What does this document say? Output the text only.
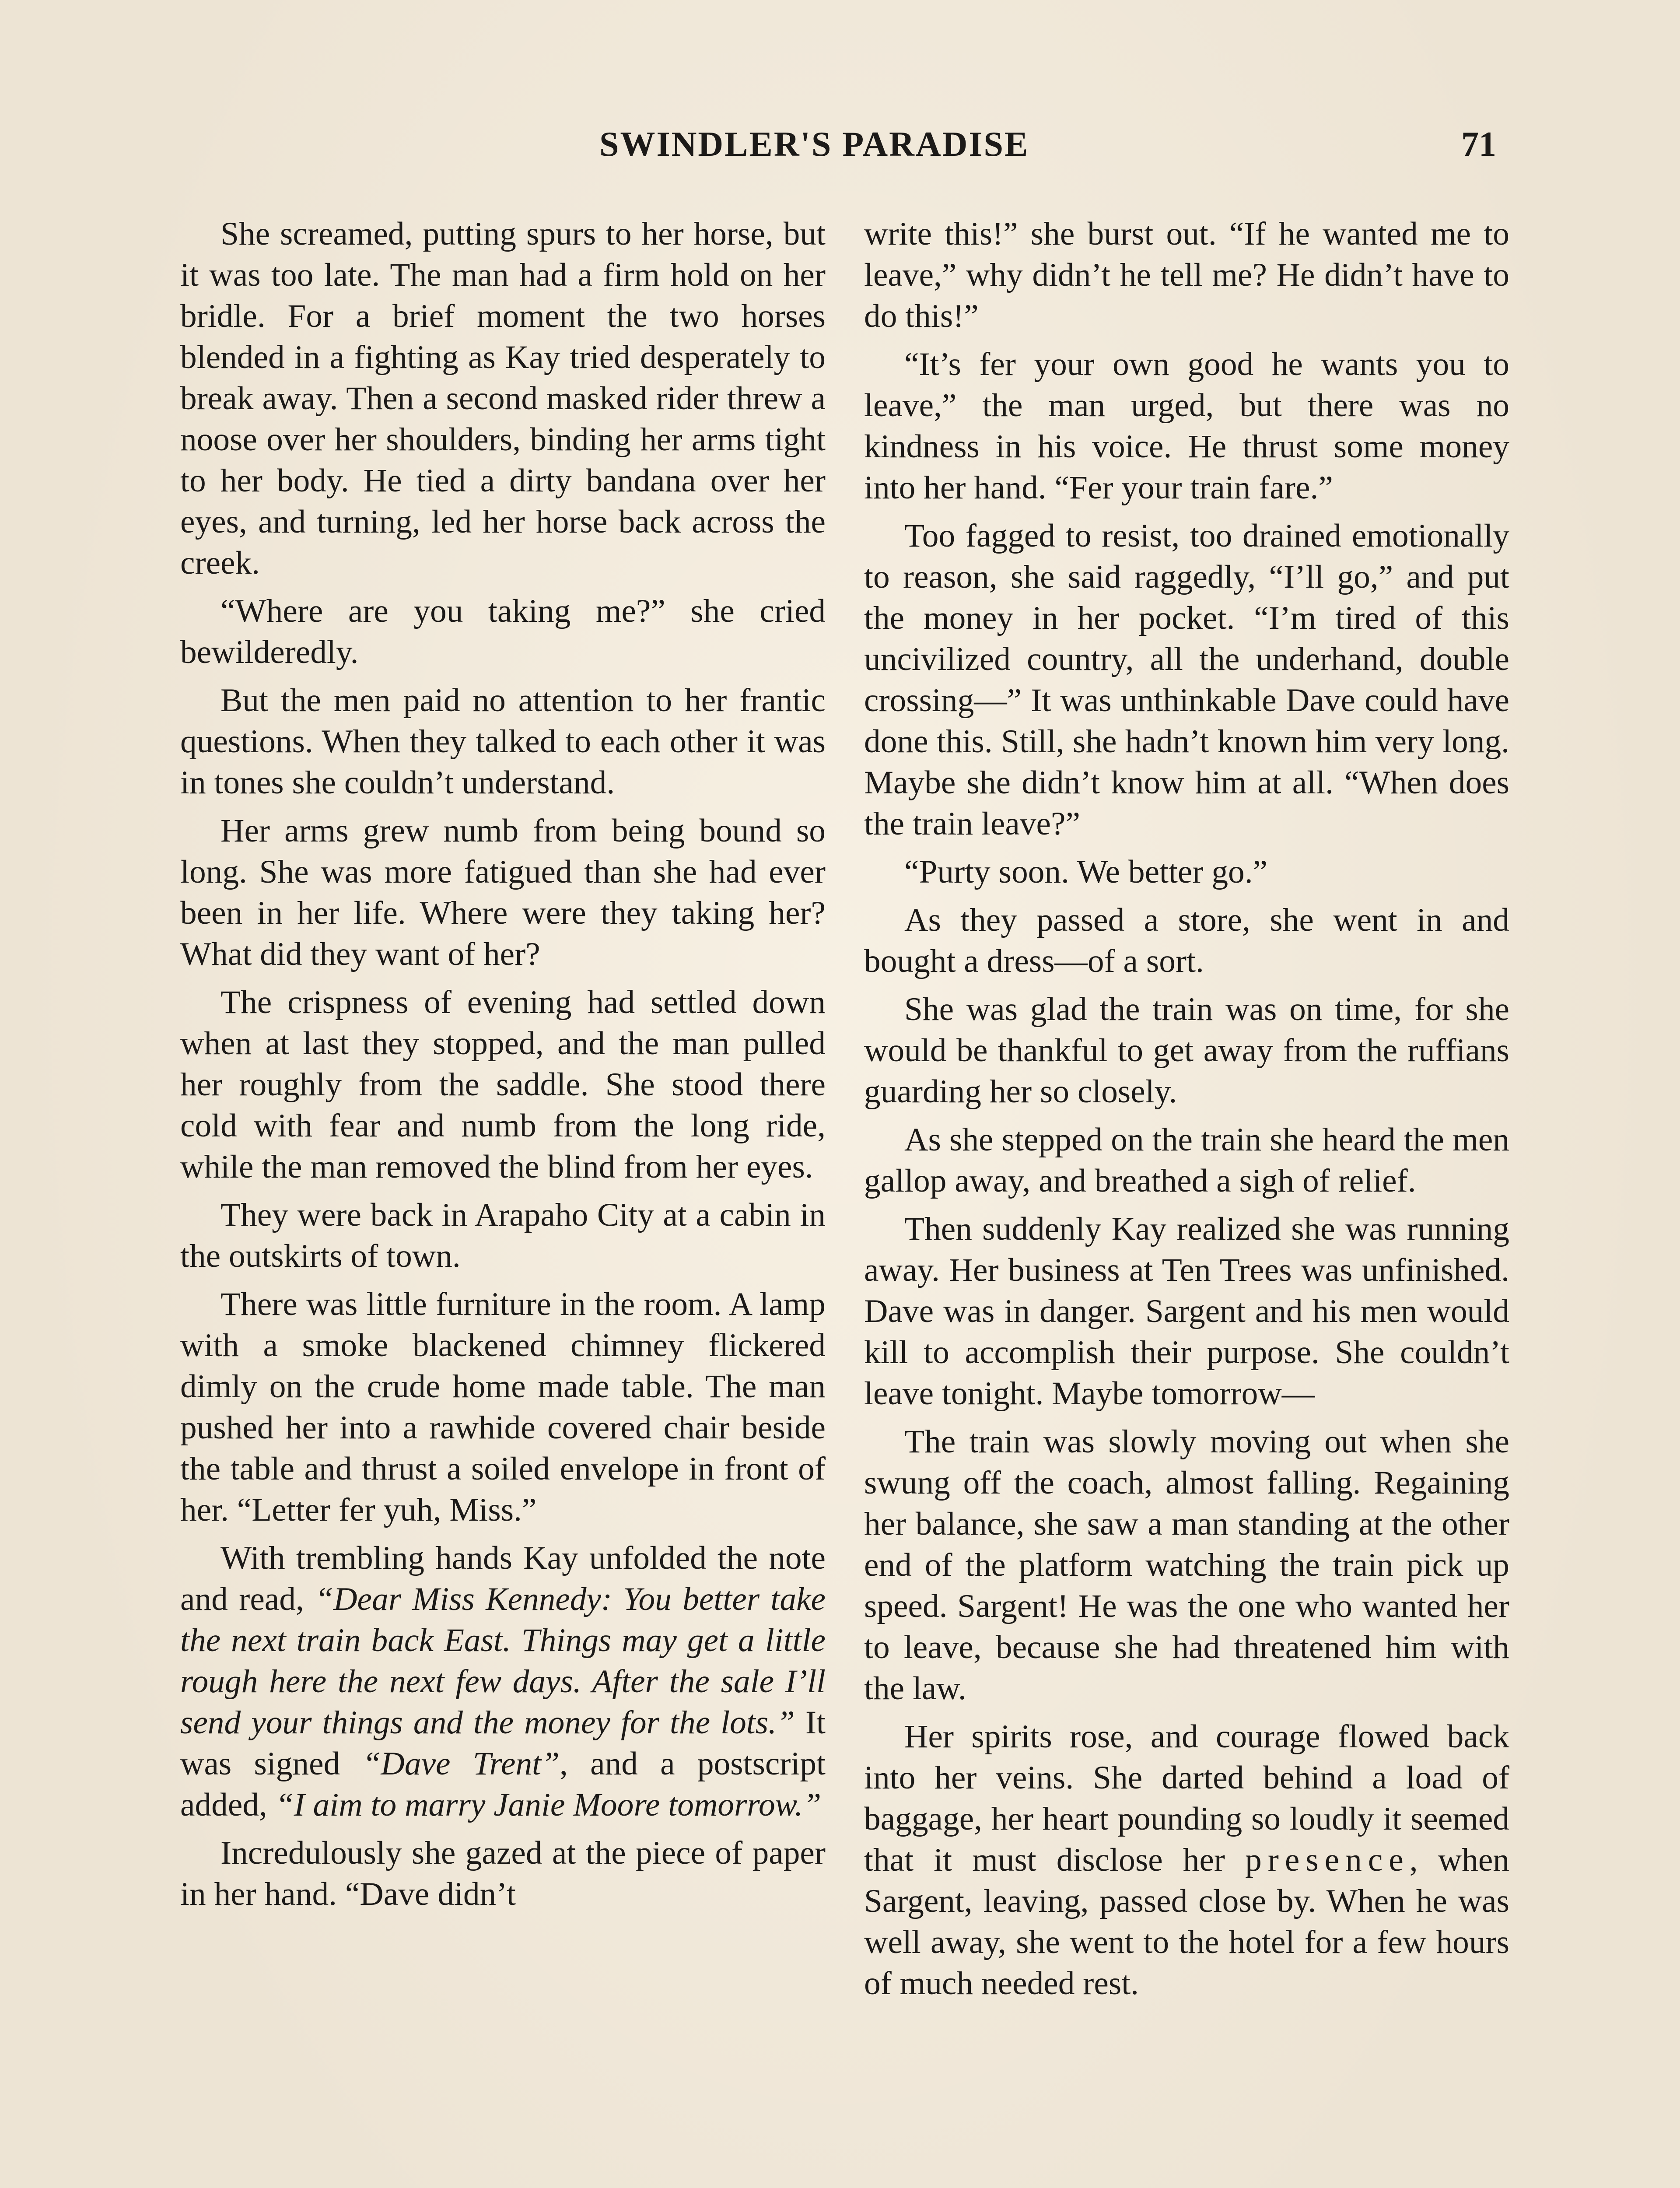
SWINDLER'S PARADISE	71

She screamed, putting spurs to her horse, but it was too late. The man had a firm hold on her bridle. For a brief moment the two horses blended in a fighting as Kay tried desperately to break away. Then a second masked rider threw a noose over her shoulders, binding her arms tight to her body. He tied a dirty bandana over her eyes, and turning, led her horse back across the creek.

“Where are you taking me?” she cried bewilderedly.

But the men paid no attention to her frantic questions. When they talked to each other it was in tones she couldn’t understand.

Her arms grew numb from being bound so long. She was more fatigued than she had ever been in her life. Where were they taking her? What did they want of her?

The crispness of evening had settled down when at last they stopped, and the man pulled her roughly from the saddle. She stood there cold with fear and numb from the long ride, while the man removed the blind from her eyes.

They were back in Arapaho City at a cabin in the outskirts of town.

There was little furniture in the room. A lamp with a smoke blackened chimney flickered dimly on the crude home made table. The man pushed her into a rawhide covered chair beside the table and thrust a soiled envelope in front of her. “Letter fer yuh, Miss.”

With trembling hands Kay unfolded the note and read, “Dear Miss Kennedy: You better take the next train back East. Things may get a little rough here the next few days. After the sale I’ll send your things and the money for the lots.” It was signed “Dave Trent”, and a postscript added, “I aim to marry Janie Moore tomorrow.”

Incredulously she gazed at the piece of paper in her hand. “Dave didn’t

write this!” she burst out. “If he wanted me to leave,” why didn’t he tell me? He didn’t have to do this!”

“It’s fer your own good he wants you to leave,” the man urged, but there was no kindness in his voice. He thrust some money into her hand. “Fer your train fare.”

Too fagged to resist, too drained emotionally to reason, she said raggedly, “I’ll go,” and put the money in her pocket. “I’m tired of this uncivilized country, all the underhand, double crossing—” It was unthinkable Dave could have done this. Still, she hadn’t known him very long. Maybe she didn’t know him at all. “When does the train leave?”

“Purty soon. We better go.”

As they passed a store, she went in and bought a dress—of a sort.

She was glad the train was on time, for she would be thankful to get away from the ruffians guarding her so closely.

As she stepped on the train she heard the men gallop away, and breathed a sigh of relief.

Then suddenly Kay realized she was running away. Her business at Ten Trees was unfinished. Dave was in danger. Sargent and his men would kill to accomplish their purpose. She couldn’t leave tonight. Maybe tomorrow—

The train was slowly moving out when she swung off the coach, almost falling. Regaining her balance, she saw a man standing at the other end of the platform watching the train pick up speed. Sargent! He was the one who wanted her to leave, because she had threatened him with the law.

Her spirits rose, and courage flowed back into her veins. She darted behind a load of baggage, her heart pounding so loudly it seemed that it must disclose her presence, when Sargent, leaving, passed close by. When he was well away, she went to the hotel for a few hours of much needed rest.
